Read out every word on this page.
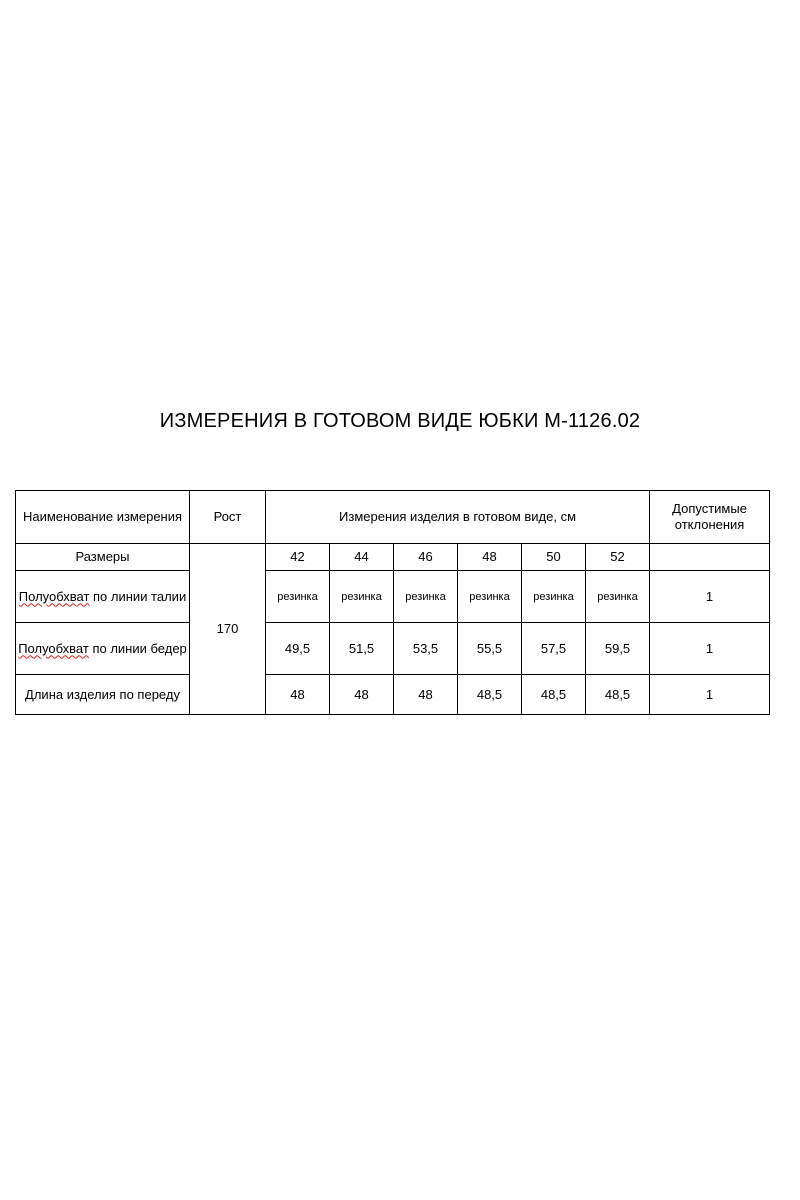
ИЗМЕРЕНИЯ В ГОТОВОМ ВИДЕ ЮБКИ М-1126.02
Наименование измерения	Рост	Измерения изделия в готовом виде, см						Допустимые отклонения
Размеры	170	42	44	46	48	50	52	
Полуобхват по линии талии		резинка	резинка	резинка	резинка	резинка	резинка	1
Полуобхват по линии бедер		49,5	51,5	53,5	55,5	57,5	59,5	1
Длина изделия по переду		48	48	48	48,5	48,5	48,5	1
